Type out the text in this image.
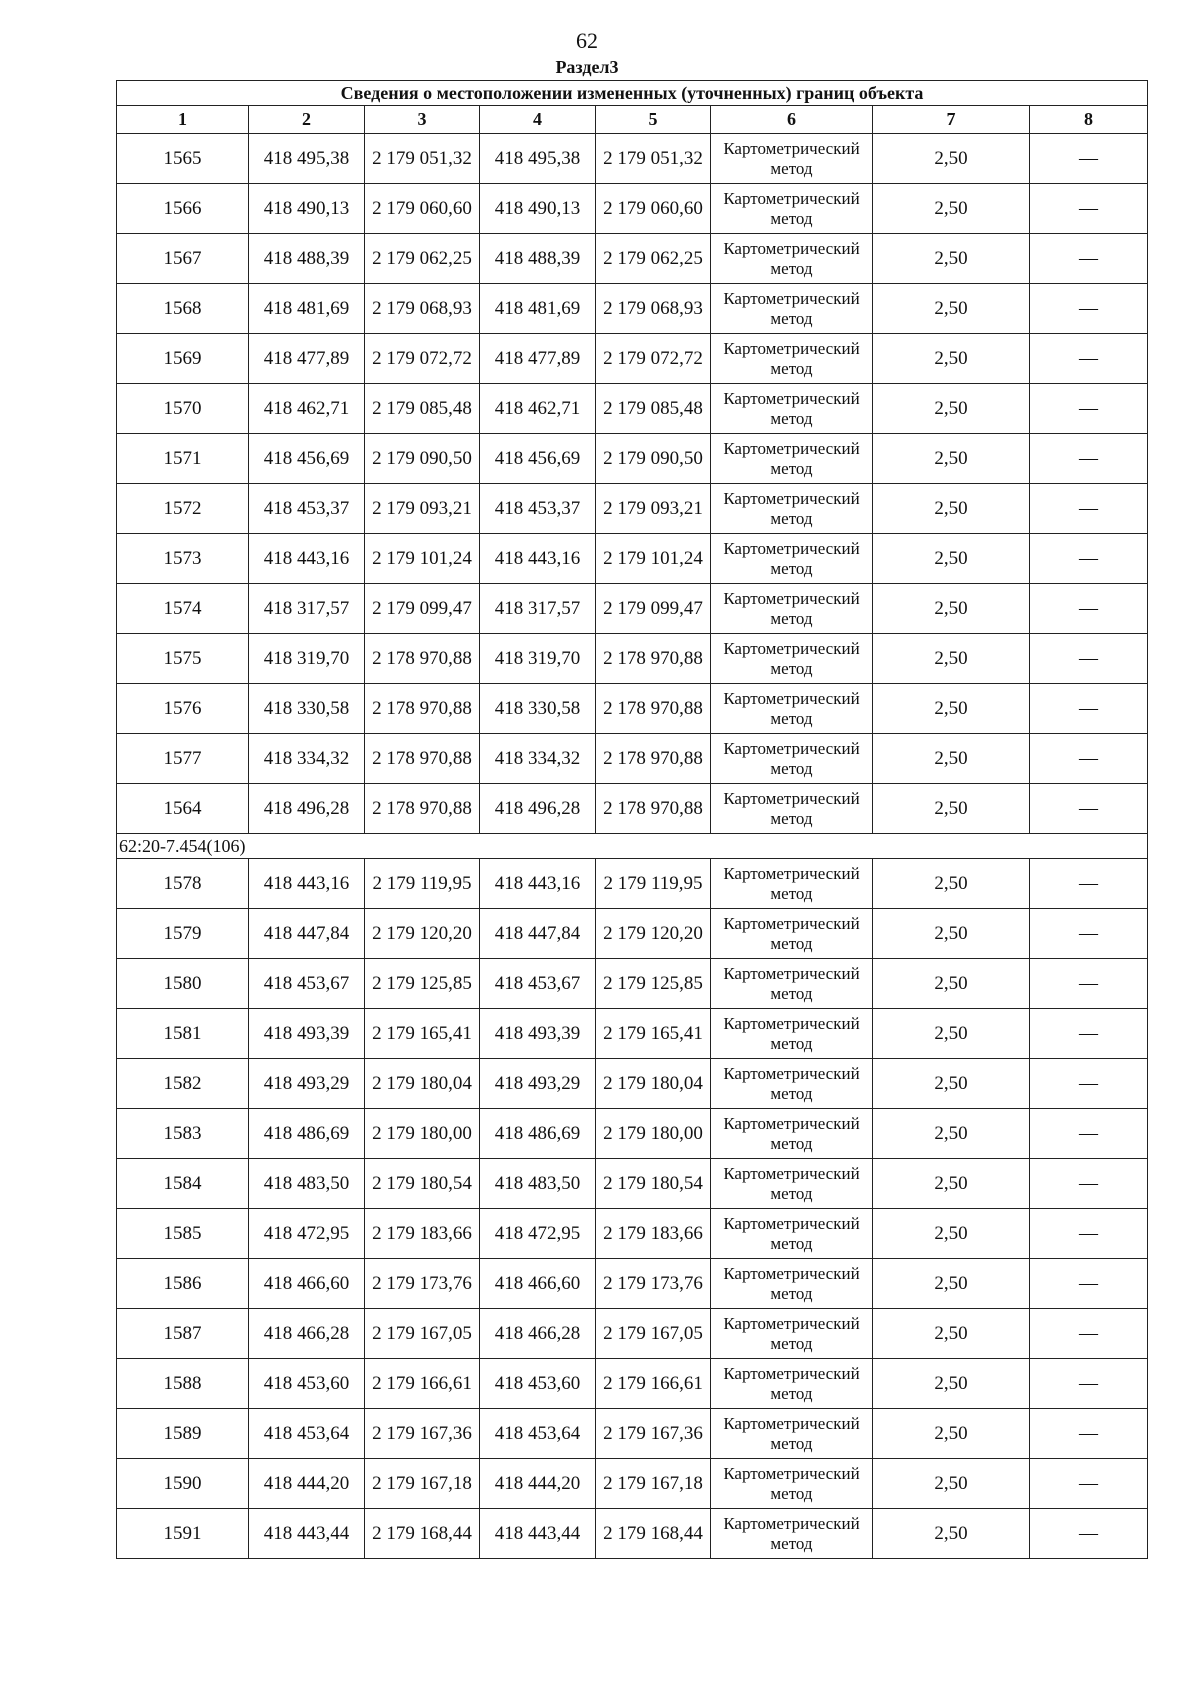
62
Раздел3
Сведения о местоположении измененных (уточненных) границ объекта							
1	2	3	4	5	6	7	8
1565	418 495,38	2 179 051,32	418 495,38	2 179 051,32	Картометрический метод	2,50	—
1566	418 490,13	2 179 060,60	418 490,13	2 179 060,60	Картометрический метод	2,50	—
1567	418 488,39	2 179 062,25	418 488,39	2 179 062,25	Картометрический метод	2,50	—
1568	418 481,69	2 179 068,93	418 481,69	2 179 068,93	Картометрический метод	2,50	—
1569	418 477,89	2 179 072,72	418 477,89	2 179 072,72	Картометрический метод	2,50	—
1570	418 462,71	2 179 085,48	418 462,71	2 179 085,48	Картометрический метод	2,50	—
1571	418 456,69	2 179 090,50	418 456,69	2 179 090,50	Картометрический метод	2,50	—
1572	418 453,37	2 179 093,21	418 453,37	2 179 093,21	Картометрический метод	2,50	—
1573	418 443,16	2 179 101,24	418 443,16	2 179 101,24	Картометрический метод	2,50	—
1574	418 317,57	2 179 099,47	418 317,57	2 179 099,47	Картометрический метод	2,50	—
1575	418 319,70	2 178 970,88	418 319,70	2 178 970,88	Картометрический метод	2,50	—
1576	418 330,58	2 178 970,88	418 330,58	2 178 970,88	Картометрический метод	2,50	—
1577	418 334,32	2 178 970,88	418 334,32	2 178 970,88	Картометрический метод	2,50	—
1564	418 496,28	2 178 970,88	418 496,28	2 178 970,88	Картометрический метод	2,50	—
62:20-7.454(106)							
1578	418 443,16	2 179 119,95	418 443,16	2 179 119,95	Картометрический метод	2,50	—
1579	418 447,84	2 179 120,20	418 447,84	2 179 120,20	Картометрический метод	2,50	—
1580	418 453,67	2 179 125,85	418 453,67	2 179 125,85	Картометрический метод	2,50	—
1581	418 493,39	2 179 165,41	418 493,39	2 179 165,41	Картометрический метод	2,50	—
1582	418 493,29	2 179 180,04	418 493,29	2 179 180,04	Картометрический метод	2,50	—
1583	418 486,69	2 179 180,00	418 486,69	2 179 180,00	Картометрический метод	2,50	—
1584	418 483,50	2 179 180,54	418 483,50	2 179 180,54	Картометрический метод	2,50	—
1585	418 472,95	2 179 183,66	418 472,95	2 179 183,66	Картометрический метод	2,50	—
1586	418 466,60	2 179 173,76	418 466,60	2 179 173,76	Картометрический метод	2,50	—
1587	418 466,28	2 179 167,05	418 466,28	2 179 167,05	Картометрический метод	2,50	—
1588	418 453,60	2 179 166,61	418 453,60	2 179 166,61	Картометрический метод	2,50	—
1589	418 453,64	2 179 167,36	418 453,64	2 179 167,36	Картометрический метод	2,50	—
1590	418 444,20	2 179 167,18	418 444,20	2 179 167,18	Картометрический метод	2,50	—
1591	418 443,44	2 179 168,44	418 443,44	2 179 168,44	Картометрический метод	2,50	—
